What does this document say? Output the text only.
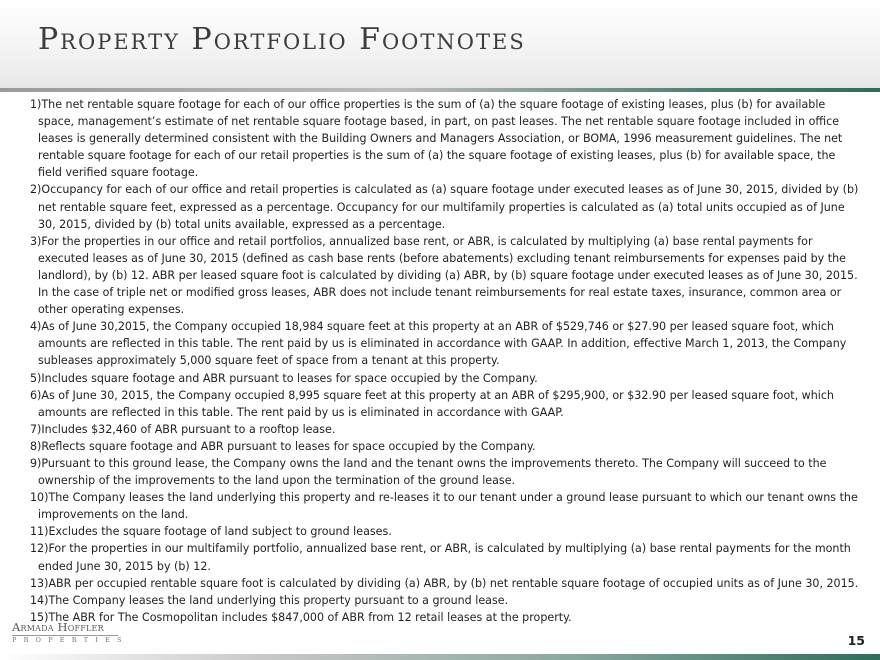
Property Portfolio Footnotes
1)The net rentable square footage for each of our office properties is the sum of (a) the square footage of existing leases, plus (b) for available space, management’s estimate of net rentable square footage based, in part, on past leases. The net rentable square footage included in office leases is generally determined consistent with the Building Owners and Managers Association, or BOMA, 1996 measurement guidelines. The net rentable square footage for each of our retail properties is the sum of (a) the square footage of existing leases, plus (b) for available space, the field verified square footage.
2)Occupancy for each of our office and retail properties is calculated as (a) square footage under executed leases as of June 30, 2015, divided by (b) net rentable square feet, expressed as a percentage. Occupancy for our multifamily properties is calculated as (a) total units occupied as of June 30, 2015, divided by (b) total units available, expressed as a percentage.
3)For the properties in our office and retail portfolios, annualized base rent, or ABR, is calculated by multiplying (a) base rental payments for executed leases as of June 30, 2015 (defined as cash base rents (before abatements) excluding tenant reimbursements for expenses paid by the landlord), by (b) 12. ABR per leased square foot is calculated by dividing (a) ABR, by (b) square footage under executed leases as of June 30, 2015. In the case of triple net or modified gross leases, ABR does not include tenant reimbursements for real estate taxes, insurance, common area or other operating expenses.
4)As of June 30,2015, the Company occupied 18,984 square feet at this property at an ABR of $529,746 or $27.90 per leased square foot, which amounts are reflected in this table. The rent paid by us is eliminated in accordance with GAAP. In addition, effective March 1, 2013, the Company subleases approximately 5,000 square feet of space from a tenant at this property.
5)Includes square footage and ABR pursuant to leases for space occupied by the Company.
6)As of June 30, 2015, the Company occupied 8,995 square feet at this property at an ABR of $295,900, or $32.90 per leased square foot, which amounts are reflected in this table. The rent paid by us is eliminated in accordance with GAAP.
7)Includes $32,460 of ABR pursuant to a rooftop lease.
8)Reflects square footage and ABR pursuant to leases for space occupied by the Company.
9)Pursuant to this ground lease, the Company owns the land and the tenant owns the improvements thereto. The Company will succeed to the ownership of the improvements to the land upon the termination of the ground lease.
10)The Company leases the land underlying this property and re-leases it to our tenant under a ground lease pursuant to which our tenant owns the improvements on the land.
11)Excludes the square footage of land subject to ground leases.
12)For the properties in our multifamily portfolio, annualized base rent, or ABR, is calculated by multiplying (a) base rental payments for the month ended June 30, 2015 by (b) 12.
13)ABR per occupied rentable square foot is calculated by dividing (a) ABR, by (b) net rentable square footage of occupied units as of June 30, 2015.
14)The Company leases the land underlying this property pursuant to a ground lease.
15)The ABR for The Cosmopolitan includes $847,000 of ABR from 12 retail leases at the property.
Armada Hoffler
PROPERTIES	15
